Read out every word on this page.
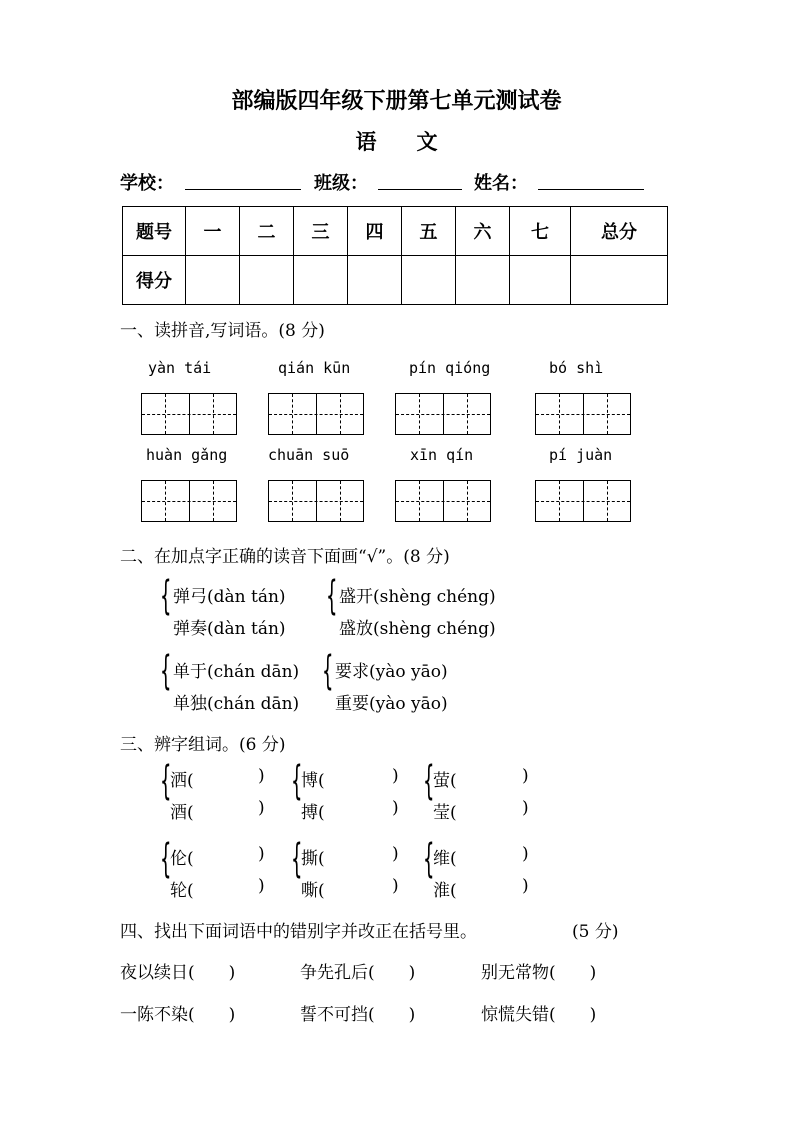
部编版四年级下册第七单元测试卷
语文
学校：	班级：	姓名：
题号	一	二	三	四	五	六	七	总分
得分								
一、读拼音,写词语。(8 分)
yàn tái	qián kūn	pín qióng	bó shì
huàn gǎng	chuān suō	xīn qín	pí juàn
二、在加点字正确的读音下面画“√”。(8 分)
{ 弹弓(dàn tán)
弹奏(dàn tán)
{ 盛开(shèng chéng)
盛放(shèng chéng)
{ 单于(chán dān)
单独(chán dān)
{ 要求(yào yāo)
重要(yào yāo)
三、辨字组词。(6 分)
{
洒(	)
酒(	)
{
博(	)
搏(	)
{
萤(	)
莹(	)
{
伦(	)
轮(	)
{
撕(	)
嘶(	)
{
维(	)
淮(	)
四、找出下面词语中的错别字并改正在括号里。	(5 分)
夜以续日(　　)	争先孔后(　　)	别无常物(　　)
一陈不染(　　)	誓不可挡(　　)	惊慌失错(　　)
